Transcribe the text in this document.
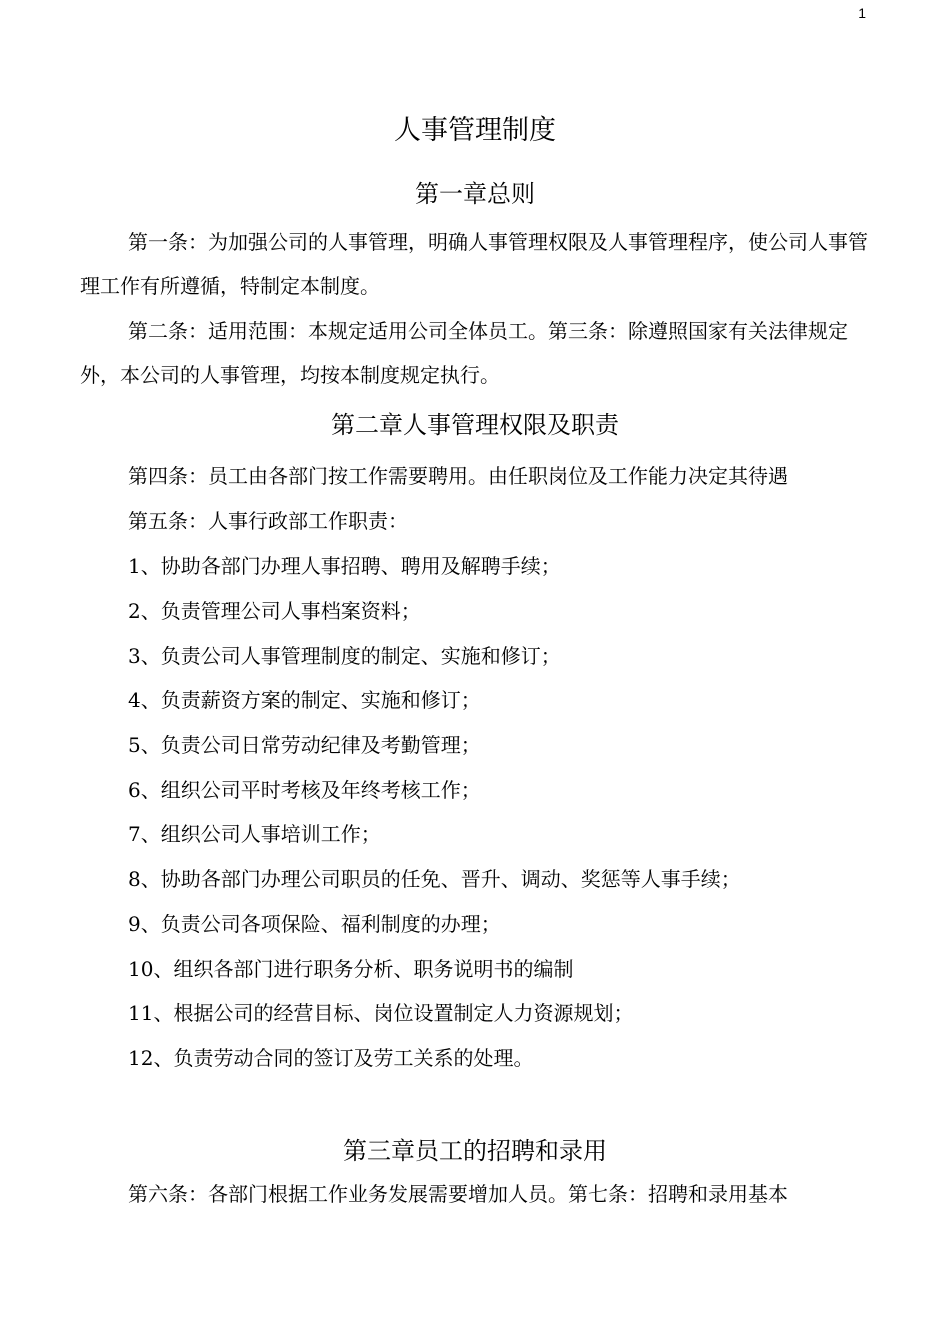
1
人事管理制度
第一章总则

第一条：为加强公司的人事管理，明确人事管理权限及人事管理程序，使公司人事管理工作有所遵循，特制定本制度。

第二条：适用范围：本规定适用公司全体员工。第三条：除遵照国家有关法律规定外，本公司的人事管理，均按本制度规定执行。

第二章人事管理权限及职责

第四条：员工由各部门按工作需要聘用。由任职岗位及工作能力决定其待遇

第五条：人事行政部工作职责：

1、协助各部门办理人事招聘、聘用及解聘手续；

2、负责管理公司人事档案资料；

3、负责公司人事管理制度的制定、实施和修订；

4、负责薪资方案的制定、实施和修订；

5、负责公司日常劳动纪律及考勤管理；

6、组织公司平时考核及年终考核工作；

7、组织公司人事培训工作；

8、协助各部门办理公司职员的任免、晋升、调动、奖惩等人事手续；

9、负责公司各项保险、福利制度的办理；

10、组织各部门进行职务分析、职务说明书的编制

11、根据公司的经营目标、岗位设置制定人力资源规划；

12、负责劳动合同的签订及劳工关系的处理。

第三章员工的招聘和录用

第六条：各部门根据工作业务发展需要增加人员。第七条：招聘和录用基本
